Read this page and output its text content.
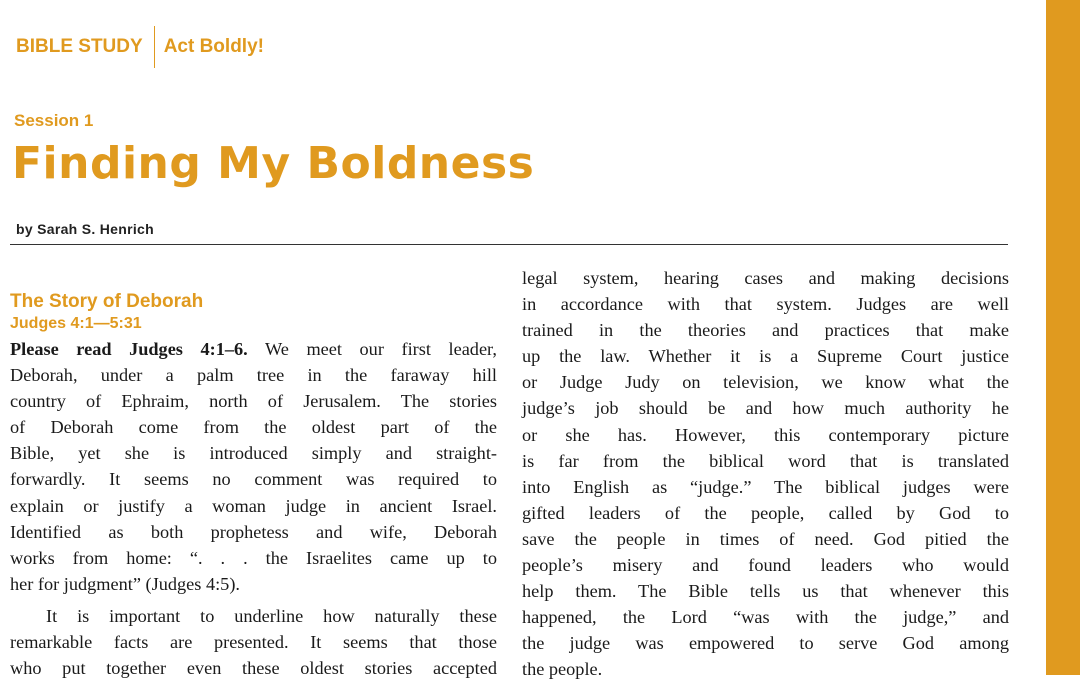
BIBLE STUDY Act Boldly!
Session 1
Finding My Boldness
by Sarah S. Henrich
The Story of Deborah
Judges 4:1—5:31
Please read Judges 4:1–6. We meet our first leader,
Deborah, under a palm tree in the faraway hill
country of Ephraim, north of Jerusalem. The stories
of Deborah come from the oldest part of the
Bible, yet she is introduced simply and straight-
forwardly. It seems no comment was required to
explain or justify a woman judge in ancient Israel.
Identified as both prophetess and wife, Deborah
works from home: “. . . the Israelites came up to
her for judgment” (Judges 4:5).
It is important to underline how naturally these
remarkable facts are presented. It seems that those
who put together even these oldest stories accepted
legal system, hearing cases and making decisions
in accordance with that system. Judges are well
trained in the theories and practices that make
up the law. Whether it is a Supreme Court justice
or Judge Judy on television, we know what the
judge’s job should be and how much authority he
or she has. However, this contemporary picture
is far from the biblical word that is translated
into English as “judge.” The biblical judges were
gifted leaders of the people, called by God to
save the people in times of need. God pitied the
people’s misery and found leaders who would
help them. The Bible tells us that whenever this
happened, the Lord “was with the judge,” and
the judge was empowered to serve God among
the people.
